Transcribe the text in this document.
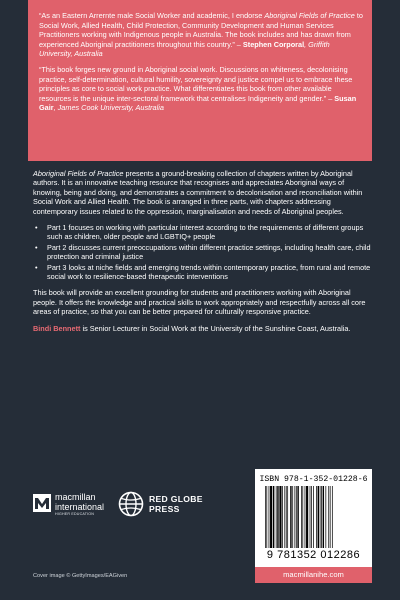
“As an Eastern Arrernte male Social Worker and academic, I endorse Aboriginal Fields of Practice to Social Work, Allied Health, Child Protection, Community Development and Human Services Practitioners working with Indigenous people in Australia. The book includes and has drawn from experienced Aboriginal practitioners throughout this country.” – Stephen Corporal, Griffith University, Australia

“This book forges new ground in Aboriginal social work. Discussions on whiteness, decolonising practice, self-determination, cultural humility, sovereignty and justice compel us to embrace these principles as core to social work practice. What differentiates this book from other available resources is the unique inter-sectoral framework that centralises Indigeneity and gender.” – Susan Gair, James Cook University, Australia

Aboriginal Fields of Practice presents a ground-breaking collection of chapters written by Aboriginal authors. It is an innovative teaching resource that recognises and appreciates Aboriginal ways of knowing, being and doing, and demonstrates a commitment to decolonisation and reconciliation within Social Work and Allied Health. The book is arranged in three parts, with chapters addressing contemporary issues related to the oppression, marginalisation and needs of Aboriginal peoples.

• Part 1 focuses on working with particular interest according to the requirements of different groups such as children, older people and LGBTIQ+ people
• Part 2 discusses current preoccupations within different practice settings, including health care, child protection and criminal justice
• Part 3 looks at niche fields and emerging trends within contemporary practice, from rural and remote social work to resilience-based therapeutic interventions

This book will provide an excellent grounding for students and practitioners working with Aboriginal people. It offers the knowledge and practical skills to work appropriately and respectfully across all core areas of practice, so that you can be better prepared for culturally responsive practice.

Bindi Bennett is Senior Lecturer in Social Work at the University of the Sunshine Coast, Australia.

macmillan
international
HIGHER EDUCATION
RED GLOBE
PRESS
ISBN 978-1-352-01228-6
9 781352 012286
macmillanihe.com
Cover image © GettyImages/EAGiven
